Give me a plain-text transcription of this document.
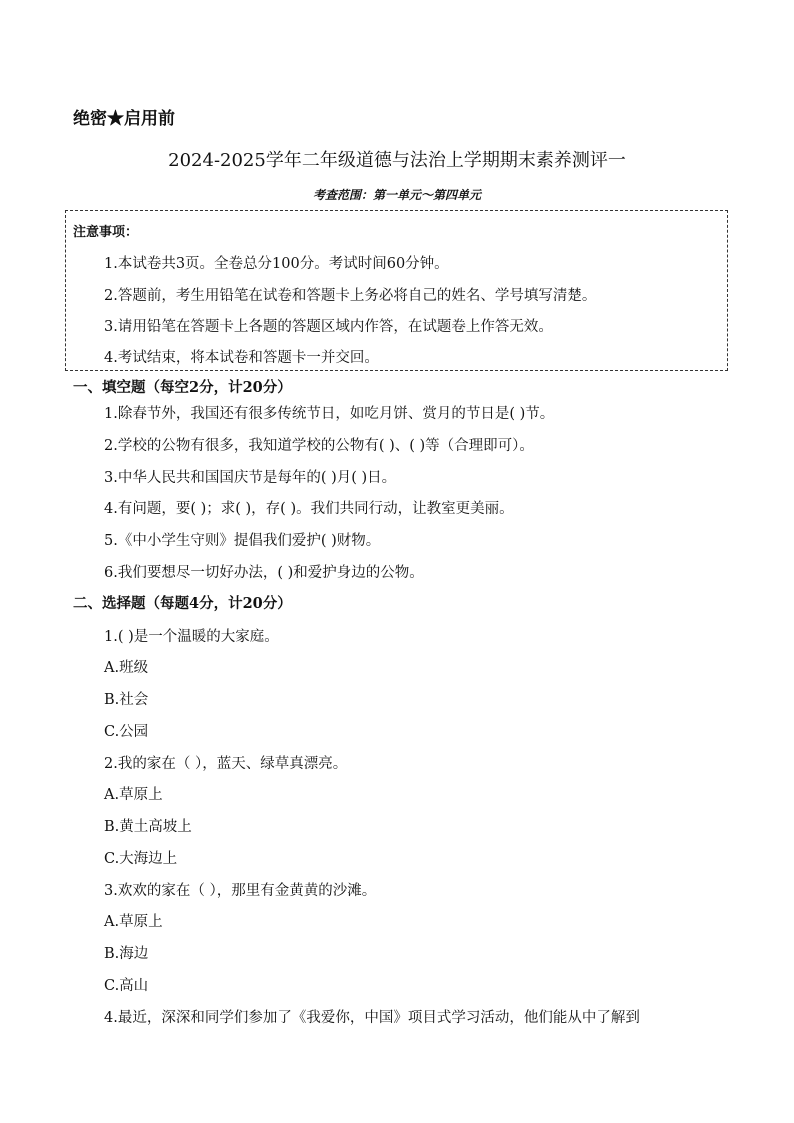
绝密★启用前
2024-2025学年二年级道德与法治上学期期末素养测评一
考查范围：第一单元～第四单元
注意事项：
1.本试卷共3页。全卷总分100分。考试时间60分钟。
2.答题前，考生用铅笔在试卷和答题卡上务必将自己的姓名、学号填写清楚。
3.请用铅笔在答题卡上各题的答题区域内作答，在试题卷上作答无效。
4.考试结束，将本试卷和答题卡一并交回。
一、填空题（每空2分，计20分）
1.除春节外，我国还有很多传统节日，如吃月饼、赏月的节日是( )节。
2.学校的公物有很多，我知道学校的公物有( )、( )等（合理即可）。
3.中华人民共和国国庆节是每年的( )月( )日。
4.有问题，要( )；求( )，存( )。我们共同行动，让教室更美丽。
5.《中小学生守则》提倡我们爱护( )财物。
6.我们要想尽一切好办法，( )和爱护身边的公物。
二、选择题（每题4分，计20分）
1.( )是一个温暖的大家庭。
A.班级
B.社会
C.公园
2.我的家在（ ），蓝天、绿草真漂亮。
A.草原上
B.黄土高坡上
C.大海边上
3.欢欢的家在（ ），那里有金黄黄的沙滩。
A.草原上
B.海边
C.高山
4.最近，深深和同学们参加了《我爱你，中国》项目式学习活动，他们能从中了解到
